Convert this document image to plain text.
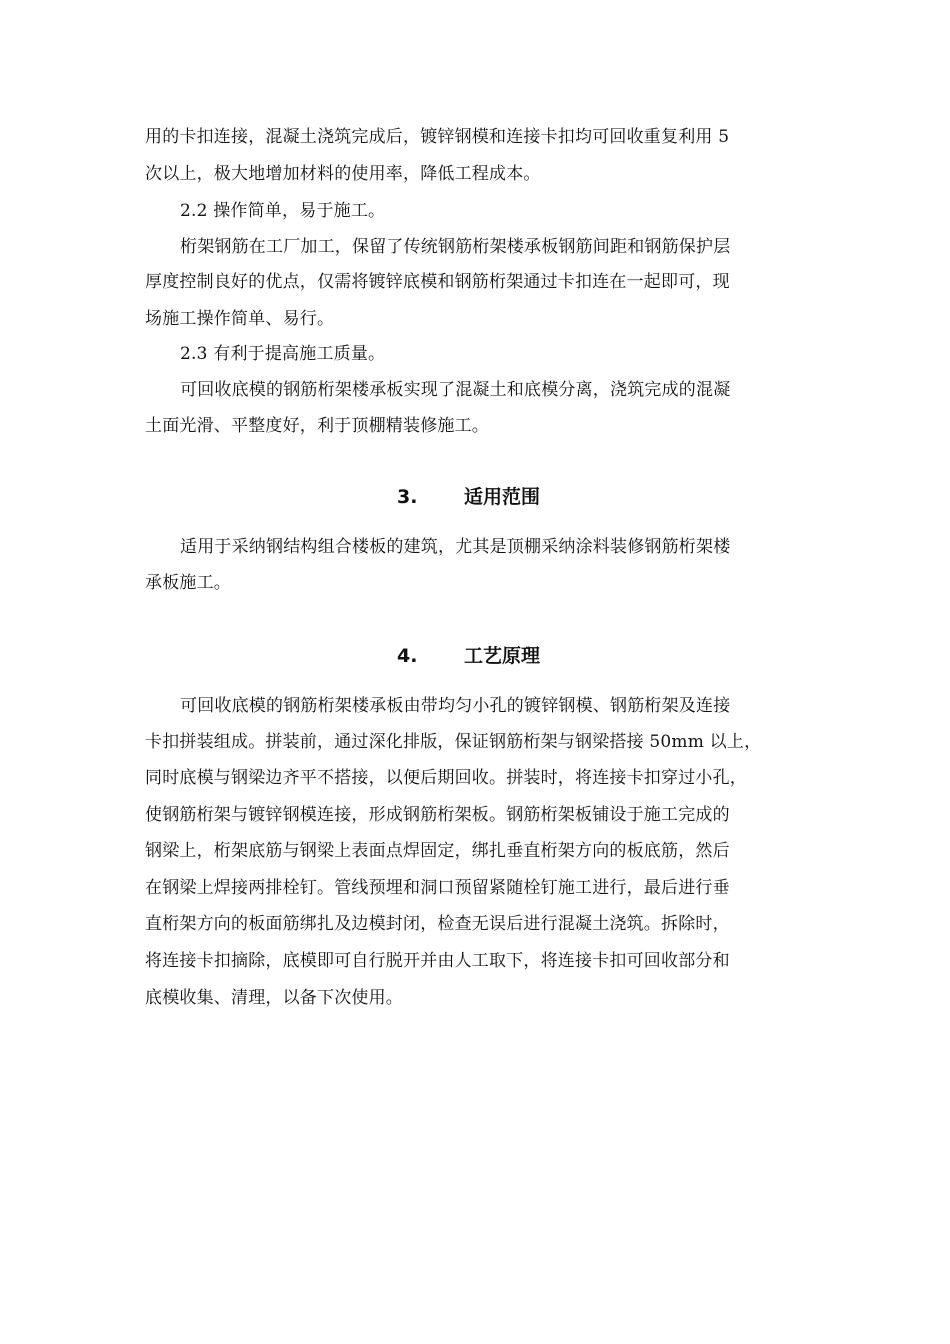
用的卡扣连接，混凝土浇筑完成后，镀锌钢模和连接卡扣均可回收重复利用 5
次以上，极大地增加材料的使用率，降低工程成本。
2.2 操作简单，易于施工。
桁架钢筋在工厂加工，保留了传统钢筋桁架楼承板钢筋间距和钢筋保护层
厚度控制良好的优点，仅需将镀锌底模和钢筋桁架通过卡扣连在一起即可，现
场施工操作简单、易行。
2.3 有利于提高施工质量。
可回收底模的钢筋桁架楼承板实现了混凝土和底模分离，浇筑完成的混凝
土面光滑、平整度好，利于顶棚精装修施工。
3. 适用范围
适用于采纳钢结构组合楼板的建筑，尤其是顶棚采纳涂料装修钢筋桁架楼
承板施工。
4. 工艺原理
可回收底模的钢筋桁架楼承板由带均匀小孔的镀锌钢模、钢筋桁架及连接
卡扣拼装组成。拼装前，通过深化排版，保证钢筋桁架与钢梁搭接 50mm 以上，
同时底模与钢梁边齐平不搭接，以便后期回收。拼装时，将连接卡扣穿过小孔，
使钢筋桁架与镀锌钢模连接，形成钢筋桁架板。钢筋桁架板铺设于施工完成的
钢梁上，桁架底筋与钢梁上表面点焊固定，绑扎垂直桁架方向的板底筋，然后
在钢梁上焊接两排栓钉。管线预埋和洞口预留紧随栓钉施工进行，最后进行垂
直桁架方向的板面筋绑扎及边模封闭，检查无误后进行混凝土浇筑。拆除时，
将连接卡扣摘除，底模即可自行脱开并由人工取下，将连接卡扣可回收部分和
底模收集、清理，以备下次使用。
